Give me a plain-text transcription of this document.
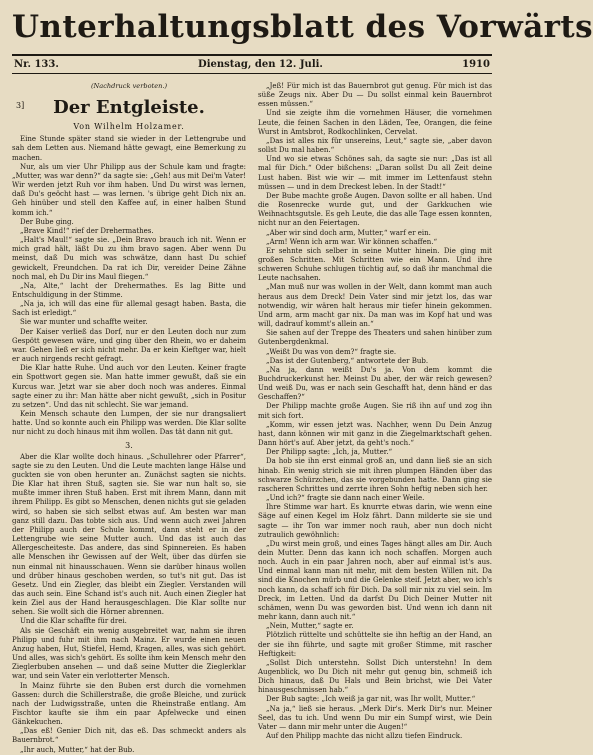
Unterhaltungsblatt des Vorwärts
Nr. 133.	Dienstag, den 12. Juli.	1910
(Nachdruck verboten.)
3]	Der Entgleiste.
Von Wilhelm Holzamer.

Eine Stunde später stand sie wieder in der Lettengrube und sah dem Letten aus. Niemand hätte gewagt, eine Bemerkung zu machen.

Nur, als um vier Uhr Philipp aus der Schule kam und fragte: „Mutter, was war denn?“ da sagte sie: „Geh! aus mit Dei'm Vater! Wir werden jetzt Ruh vor ihm haben. Und Du wirst was lernen, daß Du's geöcht hast — was lernen. 's übrige geht Dich nix an. Geh hinüber und stell den Kaffee auf, in einer halben Stund komm ich.“

Der Bube ging.

„Brave Kind!“ rief der Drehermathes.

„Halt's Maul!“ sagte sie. „Dein Bravo brauch ich nit. Wenn er mich grad hält, läßt Du zu ihm bravo sagen. Aber wenn Du meinst, daß Du mich was schwätze, dann hast Du schief gewickelt, Freundchen. Da rat ich Dir, vereider Deine Zähne noch mal, eh Du Dir ins Maul fliegen.“

„Na, Alte,“ lacht der Drehermathes. Es lag Bitte und Entschuldigung in der Stimme.

„Na ja, ich will das eine für allemal gesagt haben. Basta, die Sach ist erledigt.“

Sie war munter und schaffte weiter.

Der Kaiser verließ das Dorf, nur er den Leuten doch nur zum Gespött gewesen wäre, und ging über den Rhein, wo er daheim war. Gehen ließ er sich nicht mehr. Da er kein Kieftger war, hielt er auch nirgends recht gefragt.

Die Klar hatte Ruhe. Und auch vor den Leuten. Keiner fragte ein Spottwort gegen sie. Man hatte immer gewußt, daß sie ein Kurcus war. Jetzt war sie aber doch noch was anderes. Einmal sagte einer zu ihr: Man hätte aber nicht gewußt, „sich in Positur zu setzen“. Und das nit schlecht. Sie war jemand.

Kein Mensch schaute den Lumpen, der sie nur drangsaliert hatte. Und so konnte auch ein Philipp was werden. Die Klar sollte nur nicht zu doch hinaus mit ihm wollen. Das tät dann nit gut.

3.

Aber die Klar wollte doch hinaus. „Schullehrer oder Pfarrer“, sagte sie zu den Leuten. Und die Leute machten lange Hälse und guckten sie von oben herunter an. Zunächst sagten sie nichts. Die Klar hat ihren Stuß, sagten sie. Sie war nun halt so, sie mußte immer ihren Stuß haben. Erst mit ihrem Mann, dann mit ihrem Philipp. Es gibt so Menschen, denen nichts gut sie geladen wird, so haben sie sich selbst etwas auf. Am besten war man ganz still dazu. Das tobte sich aus. Und wenn auch zwei Jahren der Philipp auch der Schule kommt, dann steht er in der Lettengrube wie seine Mutter auch. Und das ist auch das Allergescheiteste. Das andere, das sind Spinnereien. Es haben alle Menschen ihr Gewissen auf der Welt, über das dürfen sie nun einmal nit hinausschauen. Wenn sie darüber hinaus wollen und drüber hinaus geschoben werden, so tut's nit gut. Das ist Gesetz. Und ein Ziegler, das bleibt ein Ziegler. Verstanden will das auch sein. Eine Schand ist's auch nit. Auch einen Ziegler hat kein Ziel aus der Hand herausgeschlagen. Die Klar sollte nur sehen. Sie wollt sich die Hörner abrennen.

Und die Klar schaffte für drei.

Als sie Geschäft ein wenig ausgebreitet war, nahm sie ihren Philipp und fuhr mit ihm nach Mainz. Er wurde einen neuen Anzug haben, Hut, Stiefel, Hemd, Kragen, alles, was sich gehört. Und alles, was sich's gehört. Es sollte ihm kein Mensch mehr den Zieglerbuben ansehen — und daß seine Mutter die Zieglerklar war, und sein Vater ein verlotterter Mensch.

In Mainz führte sie den Buben erst durch die vornehmen Gassen: durch die Schillerstraße, die große Bleiche, und zurück nach der Ludwigsstraße, unten die Rheinstraße entlang. Am Fischtor kaufte sie ihm ein paar Apfelwecke und einen Gänkekuchen.

„Das eß! Genier Dich nit, das eß. Das schmeckt anders als Bauernbrot.“

„Ihr auch, Mutter,“ hat der Bub.

„Jeß! Für mich ist das Bauernbrot gut genug. Für mich ist das süße Zeugs nix. Aber Du — Du sollst einmal kein Bauernbrot essen müssen.“

Und sie zeigte ihm die vornehmen Häuser, die vornehmen Leute, die feinen Sachen in den Läden, Tee, Orangen, die feine Wurst in Amtsbrot, Rodkochlinken, Cervelat.

„Das ist alles nix für unsereins, Leut,“ sagte sie, „aber davon sollst Du mal haben.“

Und wo sie etwas Schönes sah, da sagte sie nur: „Das ist all mal für Dich.“ Oder bißchens: „Daran sollst Du all Zeit deine Lust haben. Bist wie wir — mit immer im Lettenfaust stehn müssen — und in dem Dreckest leben. In der Stadt!“

Der Bube machte große Augen. Davon sollte er all haben. Und die Rosenrecke wurde gut, und der Garkkuchen wie Weihnachtsgutsle. Es geh Leute, die das alle Tage essen konnten, nicht nur an den Feiertagen.

„Aber wir sind doch arm, Mutter,“ warf er ein.

„Arm! Wenn ich arm war. Wir können schaffen.“

Er sehnte sich selber in seine Mutter hinein. Die ging mit großen Schritten. Mit Schritten wie ein Mann. Und ihre schweren Schuhe schlugen tüchtig auf, so daß ihr manchmal die Leute nachsahen.

„Man muß nur was wollen in der Welt, dann kommt man auch heraus aus dem Dreck! Dein Vater sind mir jetzt los, das war notwendig, wir wären halt heraus mir tiefer hinein gekommen. Und arm, arm macht gar nix. Da man was im Kopf hat und was will, dadrauf kommt's allein an.“

Sie sahen auf der Treppe des Theaters und sahen hinüber zum Gutenbergdenkmal.

„Weißt Du was von dem?“ fragte sie.

„Das ist der Gutenberg,“ antwortete der Bub.

„Na ja, dann weißt Du's ja. Von dem kommt die Buchdruckerkunst her. Meinst Du aber, der wär reich gewesen? Und weiß Du, was er nach sein Geschafft hat, denn händ er das Geschaffen?“

Der Philipp machte große Augen. Sie riß ihn auf und zog ihn mit sich fort.

„Komm, wir essen jetzt was. Nachher, wenn Du Dein Anzug hast, dann können wir mit ganz in die Ziegelmarktschaft gehen. Dann hört's auf. Aber jetzt, da geht's noch.“

Der Philipp sagte: „Ich, ja, Mutter.“

Da hob sie ihn erst einmal groß an, und dann ließ sie an sich hinab. Ein wenig strich sie mit ihren plumpen Händen über das schwarze Schürzchen, das sie vorgebunden hatte. Dann ging sie rascheren Schrittes und zerrte ihren Sohn heftig neben sich her.

„Und ich?“ fragte sie dann nach einer Weile.

Ihre Stimme war hart. Es knurrte etwas darin, wie wenn eine Säge auf einen Kegel im Holz fährt. Dann milderte sie sie und sagte — ihr Ton war immer noch rauh, aber nun doch nicht zutraulich gewöhnlich:

„Du wirst mein groß, und eines Tages hängt alles am Dir. Auch dein Mutter. Denn das kann ich noch schaffen. Morgen auch noch. Auch in ein paar Jahren noch, aber auf einmal ist's aus. Und einmal kann man nit mehr, mit dem besten Willen nit. Da sind die Knochen mürb und die Gelenke steif. Jetzt aber, wo ich's noch kann, da schaff ich für Dich. Da soll mir nix zu viel sein. Im Dreck, im Letten. Und da darfst Du Dich Deiner Mutter nit schämen, wenn Du was geworden bist. Und wenn ich dann nit mehr kann, dann auch nit.“

„Nein, Mutter,“ sagte er.

Plötzlich rüttelte und schüttelte sie ihn heftig an der Hand, an der sie ihn führte, und sagte mit großer Stimme, mit rascher Heftigkeit:

„Sollst Dich unterstehn. Sollst Dich unterstehn! In dem Augenblick, wo Du Dich nit mehr gut genug bin, schmeiß ich Dich hinaus, daß Du Hals und Bein brichst, wie Dei Vater hinausgeschmissen hab.“

Der Bub sagte: „Ich weiß ja gar nit, was Ihr wollt, Mutter.“

„Na ja,“ ließ sie heraus. „Merk Dir's. Merk Dir's nur. Meiner Seel, das tu ich. Und wenn Du mir ein Sumpf wirst, wie Dein Vater — dann mir mehr unter die Augen!“

Auf den Philipp machte das nicht allzu tiefen Eindruck.
